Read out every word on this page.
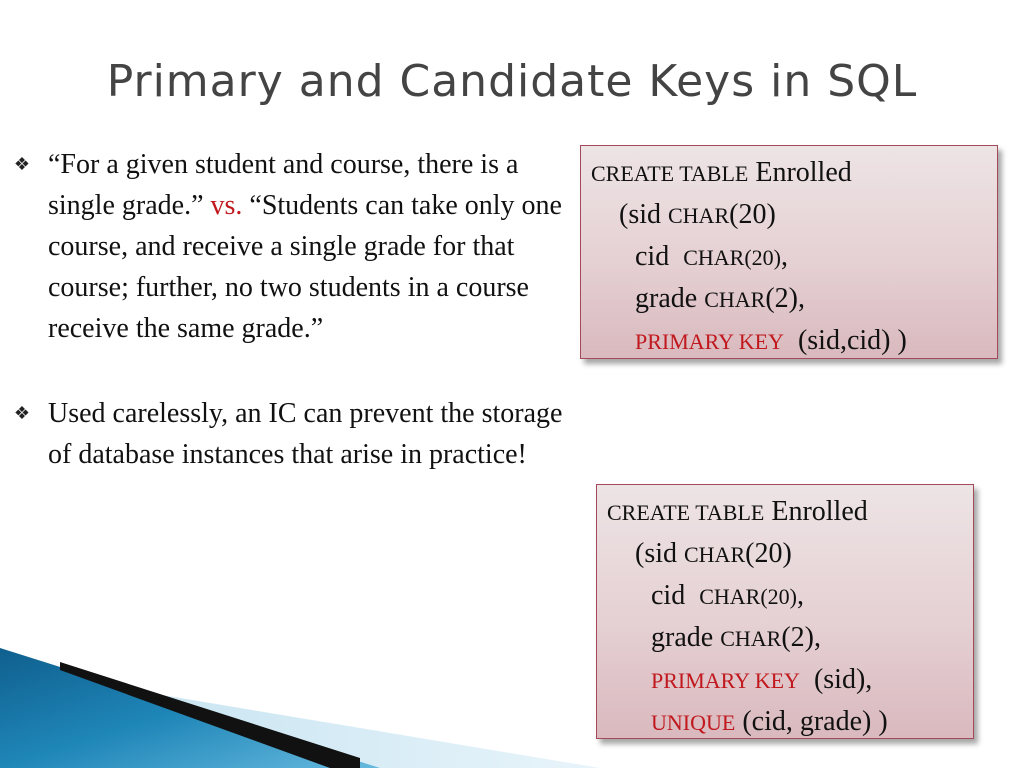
Primary and Candidate Keys in SQL
❖ “For a given student and course, there is a single grade.” vs. “Students can take only one course, and receive a single grade for that course; further, no two students in a course receive the same grade.”
❖ Used carelessly, an IC can prevent the storage of database instances that arise in practice!
CREATE TABLE Enrolled
(sid CHAR(20)
cid CHAR(20),
grade CHAR(2),
PRIMARY KEY (sid,cid) )
CREATE TABLE Enrolled
(sid CHAR(20)
cid CHAR(20),
grade CHAR(2),
PRIMARY KEY (sid),
UNIQUE (cid, grade) )
